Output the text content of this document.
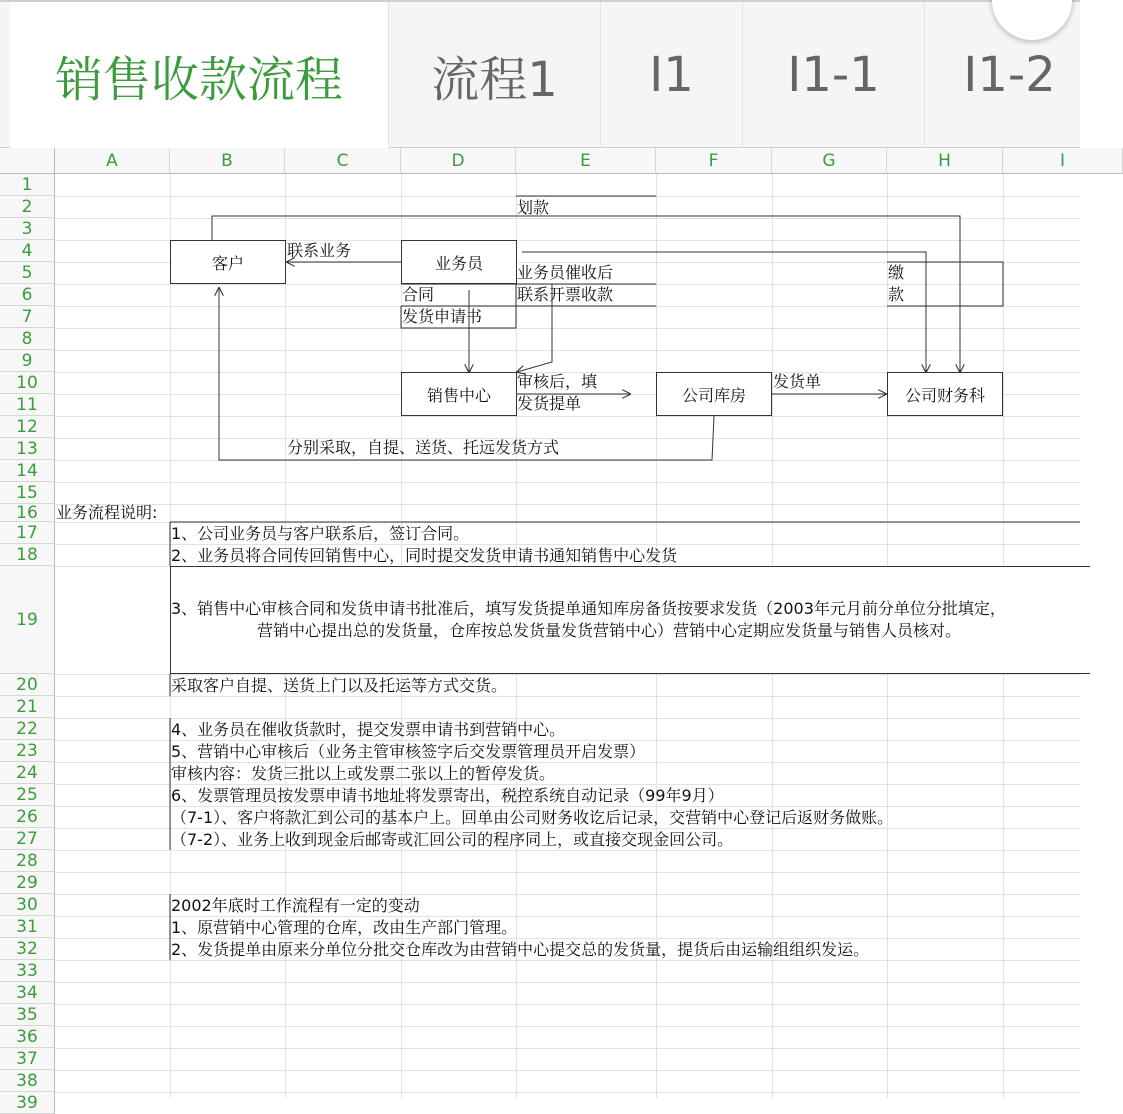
销售收款流程 流程1 I1 I1-1 I1-2
A	B	C	D	E	F	G	H	I
1
2
3
4
5
6
7
8
9
10
11
12
13
14
15
16
17
18
19
20
21
22
23
24
25
26
27
28
29
30
31
32
33
34
35
36
37
38
39
客户	业务员
销售中心	公司库房	公司财务科
划款
联系业务
业务员催收后
合同	联系开票收款
发货申请书
缴
款
审核后，填
发货提单
发货单
分别采取，自提、送货、托远发货方式
业务流程说明:
1、公司业务员与客户联系后，签订合同。
2、业务员将合同传回销售中心，同时提交发货申请书通知销售中心发货
3、销售中心审核合同和发货申请书批准后，填写发货提单通知库房备货按要求发货（2003年元月前分单位分批填定，
营销中心提出总的发货量，仓库按总发货量发货营销中心）营销中心定期应发货量与销售人员核对。
采取客户自提、送货上门以及托运等方式交货。
4、业务员在催收货款时，提交发票申请书到营销中心。
5、营销中心审核后（业务主管审核签字后交发票管理员开启发票）
审核内容：发货三批以上或发票二张以上的暂停发货。
6、发票管理员按发票申请书地址将发票寄出，税控系统自动记录（99年9月）
（7-1）、客户将款汇到公司的基本户上。回单由公司财务收讫后记录，交营销中心登记后返财务做账。
（7-2）、业务上收到现金后邮寄或汇回公司的程序同上，或直接交现金回公司。
2002年底时工作流程有一定的变动
1、原营销中心管理的仓库，改由生产部门管理。
2、发货提单由原来分单位分批交仓库改为由营销中心提交总的发货量，提货后由运输组组织发运。
